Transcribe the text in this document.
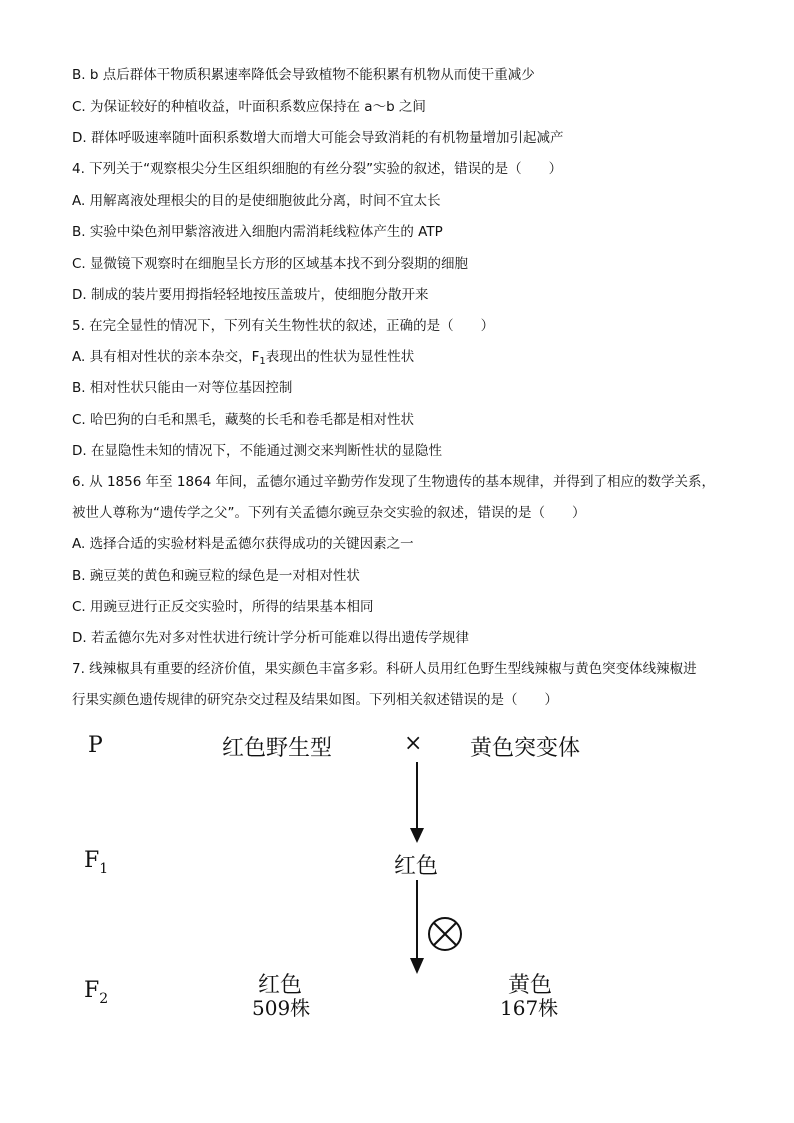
B. b 点后群体干物质积累速率降低会导致植物不能积累有机物从而使干重减少
C. 为保证较好的种植收益，叶面积系数应保持在 a～b 之间
D. 群体呼吸速率随叶面积系数增大而增大可能会导致消耗的有机物量增加引起减产
4. 下列关于“观察根尖分生区组织细胞的有丝分裂”实验的叙述，错误的是（　　）
A. 用解离液处理根尖的目的是使细胞彼此分离，时间不宜太长
B. 实验中染色剂甲紫溶液进入细胞内需消耗线粒体产生的 ATP
C. 显微镜下观察时在细胞呈长方形的区域基本找不到分裂期的细胞
D. 制成的装片要用拇指轻轻地按压盖玻片，使细胞分散开来
5. 在完全显性的情况下，下列有关生物性状的叙述，正确的是（　　）
A. 具有相对性状的亲本杂交，$F_1$表现出的性状为显性性状
B. 相对性状只能由一对等位基因控制
C. 哈巴狗的白毛和黑毛，藏獒的长毛和卷毛都是相对性状
D. 在显隐性未知的情况下，不能通过测交来判断性状的显隐性
6. 从 1856 年至 1864 年间，孟德尔通过辛勤劳作发现了生物遗传的基本规律，并得到了相应的数学关系，
被世人尊称为“遗传学之父”。下列有关孟德尔豌豆杂交实验的叙述，错误的是（　　）
A. 选择合适的实验材料是孟德尔获得成功的关键因素之一
B. 豌豆荚的黄色和豌豆粒的绿色是一对相对性状
C. 用豌豆进行正反交实验时，所得的结果基本相同
D. 若孟德尔先对多对性状进行统计学分析可能难以得出遗传学规律
7. 线辣椒具有重要的经济价值，果实颜色丰富多彩。科研人员用红色野生型线辣椒与黄色突变体线辣椒进
行果实颜色遗传规律的研究杂交过程及结果如图。下列相关叙述错误的是（　　）
P	红色野生型	× 黄色突变体
$F_1$	红色
$F_2$
红色
509株
黄色
167株
